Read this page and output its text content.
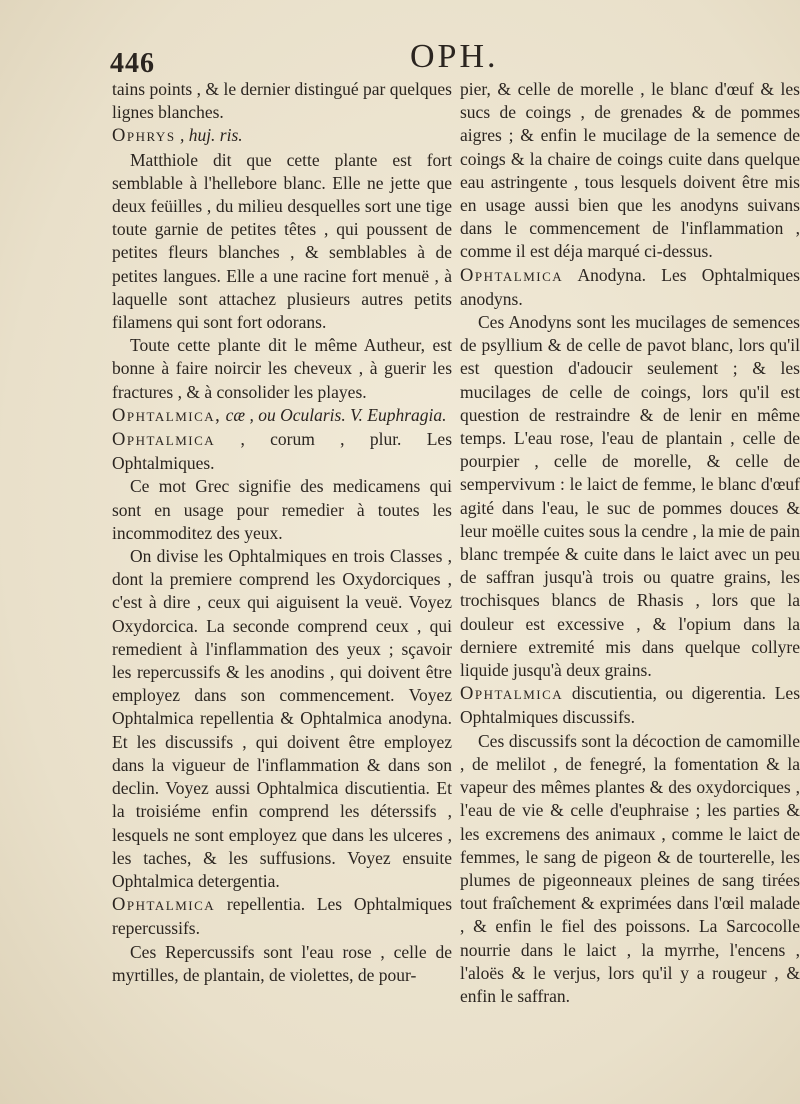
446	OPH.

tains points , & le dernier distingué par quelques lignes blanches.

Ophrys , huj. ris.

Matthiole dit que cette plante est fort semblable à l'hellebore blanc. Elle ne jette que deux feüilles , du milieu desquelles sort une tige toute garnie de petites têtes , qui poussent de petites fleurs blanches , & semblables à de petites langues. Elle a une racine fort menuë , à laquelle sont attachez plusieurs autres petits filamens qui sont fort odorans.

Toute cette plante dit le même Autheur, est bonne à faire noircir les cheveux , à guerir les fractures , & à consolider les playes.

Ophtalmica, cæ , ou Ocularis. V. Euphragia.

Ophtalmica , corum , plur. Les Ophtalmiques.

Ce mot Grec signifie des medicamens qui sont en usage pour remedier à toutes les incommoditez des yeux.

On divise les Ophtalmiques en trois Classes , dont la premiere comprend les Oxydorciques , c'est à dire , ceux qui aiguisent la veuë. Voyez Oxydorcica. La seconde comprend ceux , qui remedient à l'inflammation des yeux ; sçavoir les repercussifs & les anodins , qui doivent être employez dans son commencement. Voyez Ophtalmica repellentia & Ophtalmica anodyna. Et les discussifs , qui doivent être employez dans la vigueur de l'inflammation & dans son declin. Voyez aussi Ophtalmica discutientia. Et la troisiéme enfin comprend les déterssifs , lesquels ne sont employez que dans les ulceres , les taches, & les suffusions. Voyez ensuite Ophtalmica detergentia.

Ophtalmica repellentia. Les Ophtalmiques repercussifs.

Ces Repercussifs sont l'eau rose , celle de myrtilles, de plantain, de violettes, de pour-

pier, & celle de morelle , le blanc d'œuf & les sucs de coings , de grenades & de pommes aigres ; & enfin le mucilage de la semence de coings & la chaire de coings cuite dans quelque eau astringente , tous lesquels doivent être mis en usage aussi bien que les anodyns suivans dans le commencement de l'inflammation , comme il est déja marqué ci-dessus.

Ophtalmica Anodyna. Les Ophtalmiques anodyns.

Ces Anodyns sont les mucilages de semences de psyllium & de celle de pavot blanc, lors qu'il est question d'adoucir seulement ; & les mucilages de celle de coings, lors qu'il est question de restraindre & de lenir en même temps. L'eau rose, l'eau de plantain , celle de pourpier , celle de morelle, & celle de sempervivum : le laict de femme, le blanc d'œuf agité dans l'eau, le suc de pommes douces & leur moëlle cuites sous la cendre , la mie de pain blanc trempée & cuite dans le laict avec un peu de saffran jusqu'à trois ou quatre grains, les trochisques blancs de Rhasis , lors que la douleur est excessive , & l'opium dans la derniere extremité mis dans quelque collyre liquide jusqu'à deux grains.

Ophtalmica discutientia, ou digerentia. Les Ophtalmiques discussifs.

Ces discussifs sont la décoction de camomille , de melilot , de fenegré, la fomentation & la vapeur des mêmes plantes & des oxydorciques , l'eau de vie & celle d'euphraise ; les parties & les excremens des animaux , comme le laict de femmes, le sang de pigeon & de tourterelle, les plumes de pigeonneaux pleines de sang tirées tout fraîchement & exprimées dans l'œil malade , & enfin le fiel des poissons. La Sarcocolle nourrie dans le laict , la myrrhe, l'encens , l'aloës & le verjus, lors qu'il y a rougeur , & enfin le saffran.
